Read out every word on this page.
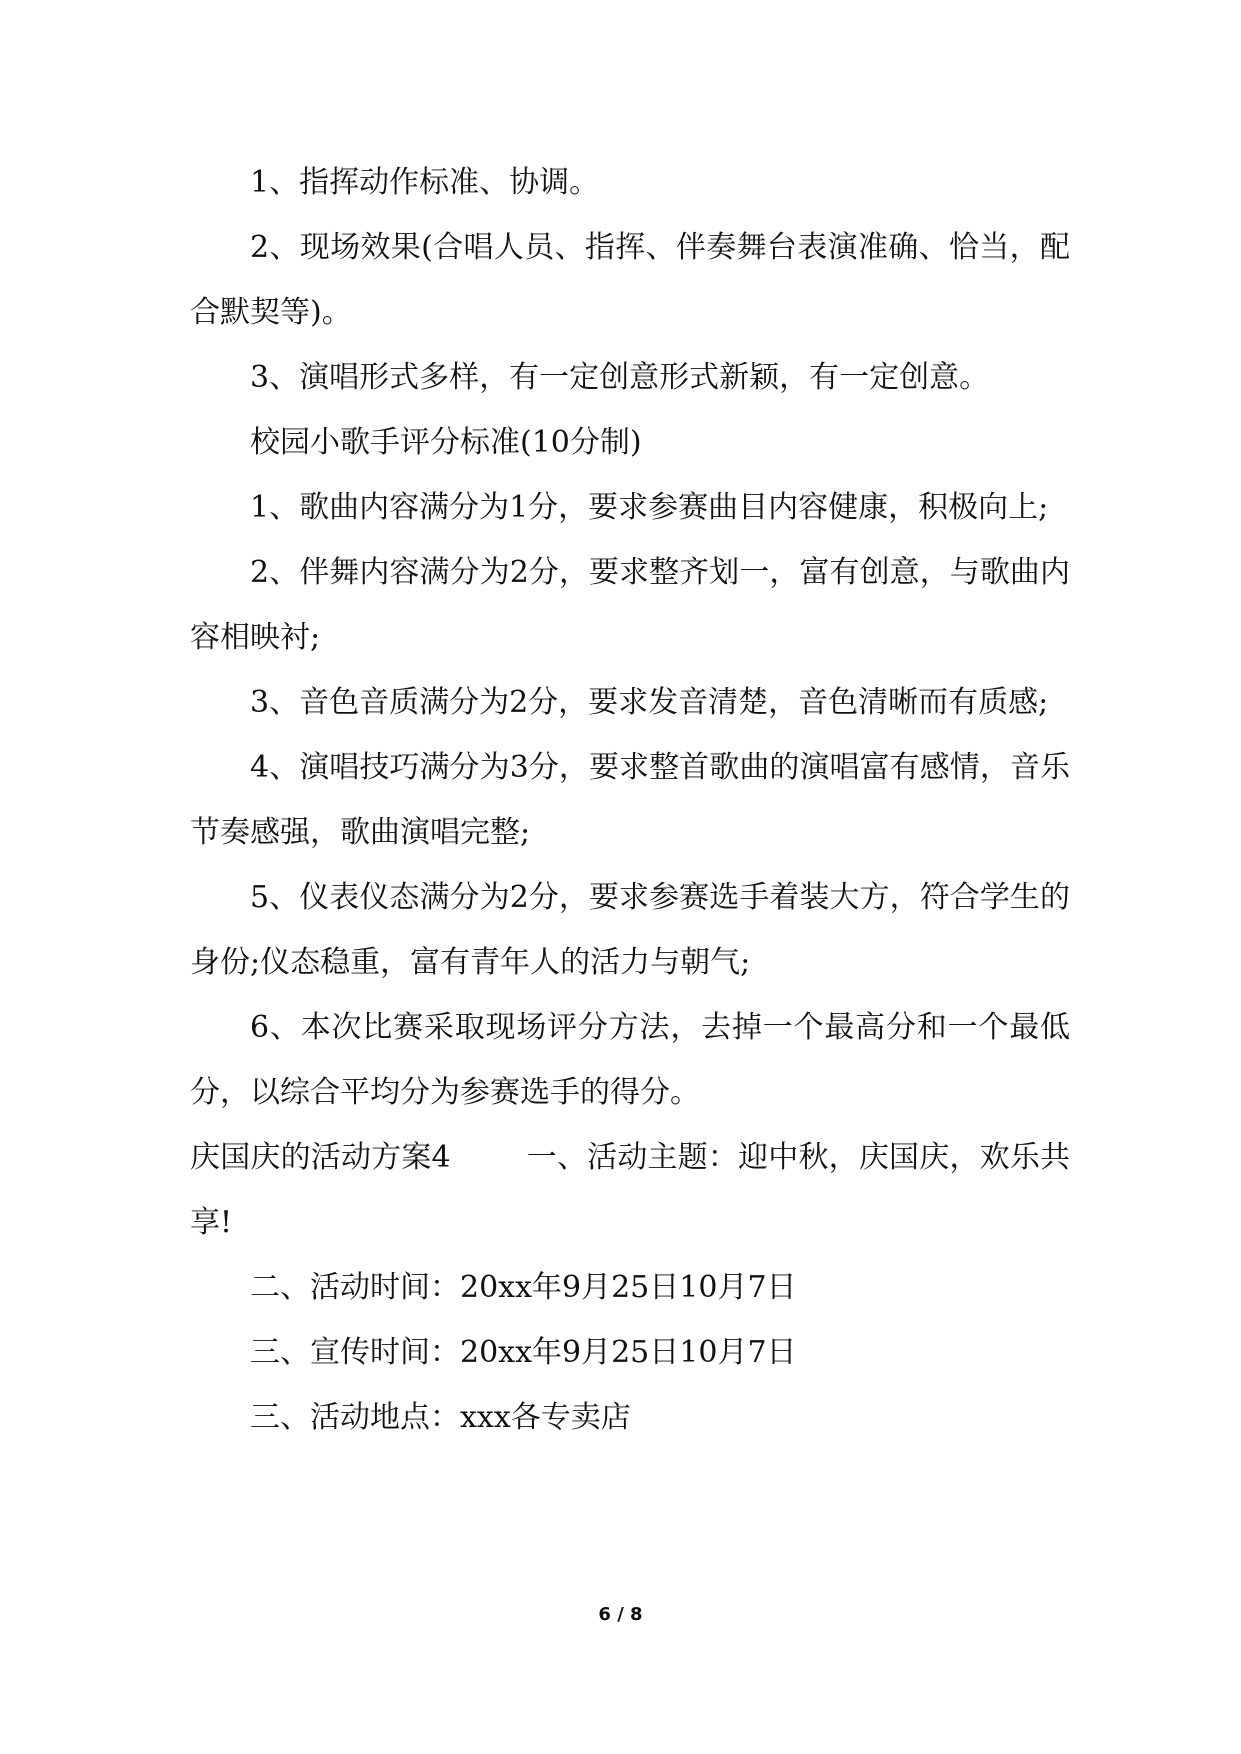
1、指挥动作标准、协调。

2、现场效果(合唱人员、指挥、伴奏舞台表演准确、恰当，配合默契等)。

3、演唱形式多样，有一定创意形式新颖，有一定创意。

校园小歌手评分标准(10分制)

1、歌曲内容满分为1分，要求参赛曲目内容健康，积极向上;

2、伴舞内容满分为2分，要求整齐划一，富有创意，与歌曲内容相映衬;

3、音色音质满分为2分，要求发音清楚，音色清晰而有质感;

4、演唱技巧满分为3分，要求整首歌曲的演唱富有感情，音乐节奏感强，歌曲演唱完整;

5、仪表仪态满分为2分，要求参赛选手着装大方，符合学生的身份;仪态稳重，富有青年人的活力与朝气;

6、本次比赛采取现场评分方法，去掉一个最高分和一个最低分，以综合平均分为参赛选手的得分。

庆国庆的活动方案4	一、活动主题：迎中秋，庆国庆，欢乐共享!

二、活动时间：20xx年9月25日10月7日

三、宣传时间：20xx年9月25日10月7日

三、活动地点：xxx各专卖店

6 / 8
